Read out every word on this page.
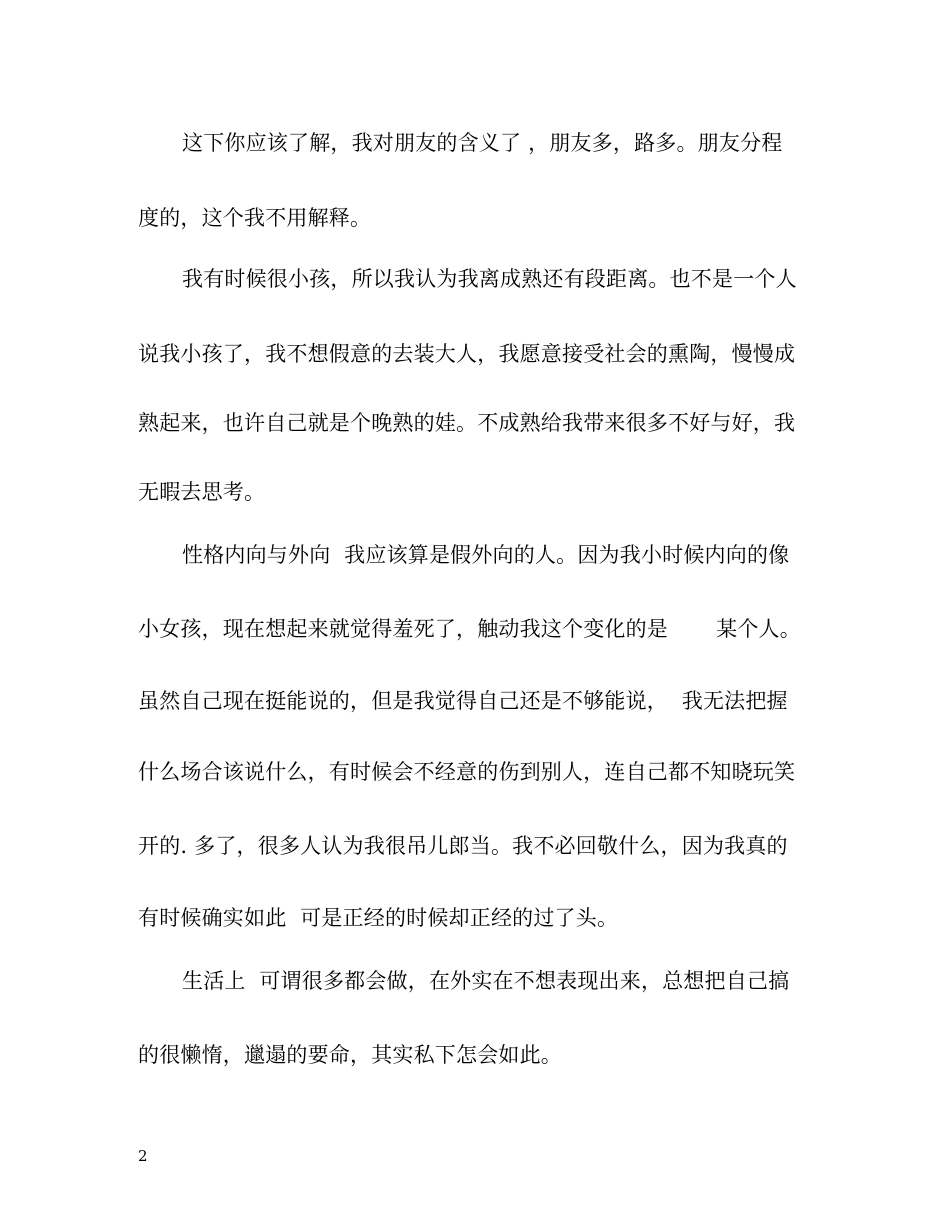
这下你应该了解，我对朋友的含义了 ，朋友多，路多。朋友分程

度的，这个我不用解释。

我有时候很小孩，所以我认为我离成熟还有段距离。也不是一个人

说我小孩了，我不想假意的去装大人，我愿意接受社会的熏陶，慢慢成

熟起来，也许自己就是个晚熟的娃。不成熟给我带来很多不好与好，我

无暇去思考。

性格内向与外向  我应该算是假外向的人。因为我小时候内向的像

小女孩，现在想起来就觉得羞死了，触动我这个变化的是       某个人。

虽然自己现在挺能说的，但是我觉得自己还是不够能说，  我无法把握

什么场合该说什么，有时候会不经意的伤到别人，连自己都不知晓玩笑

开的. 多了，很多人认为我很吊儿郎当。我不必回敬什么，因为我真的

有时候确实如此  可是正经的时候却正经的过了头。

生活上  可谓很多都会做，在外实在不想表现出来，总想把自己搞

的很懒惰，邋遢的要命，其实私下怎会如此。

2
